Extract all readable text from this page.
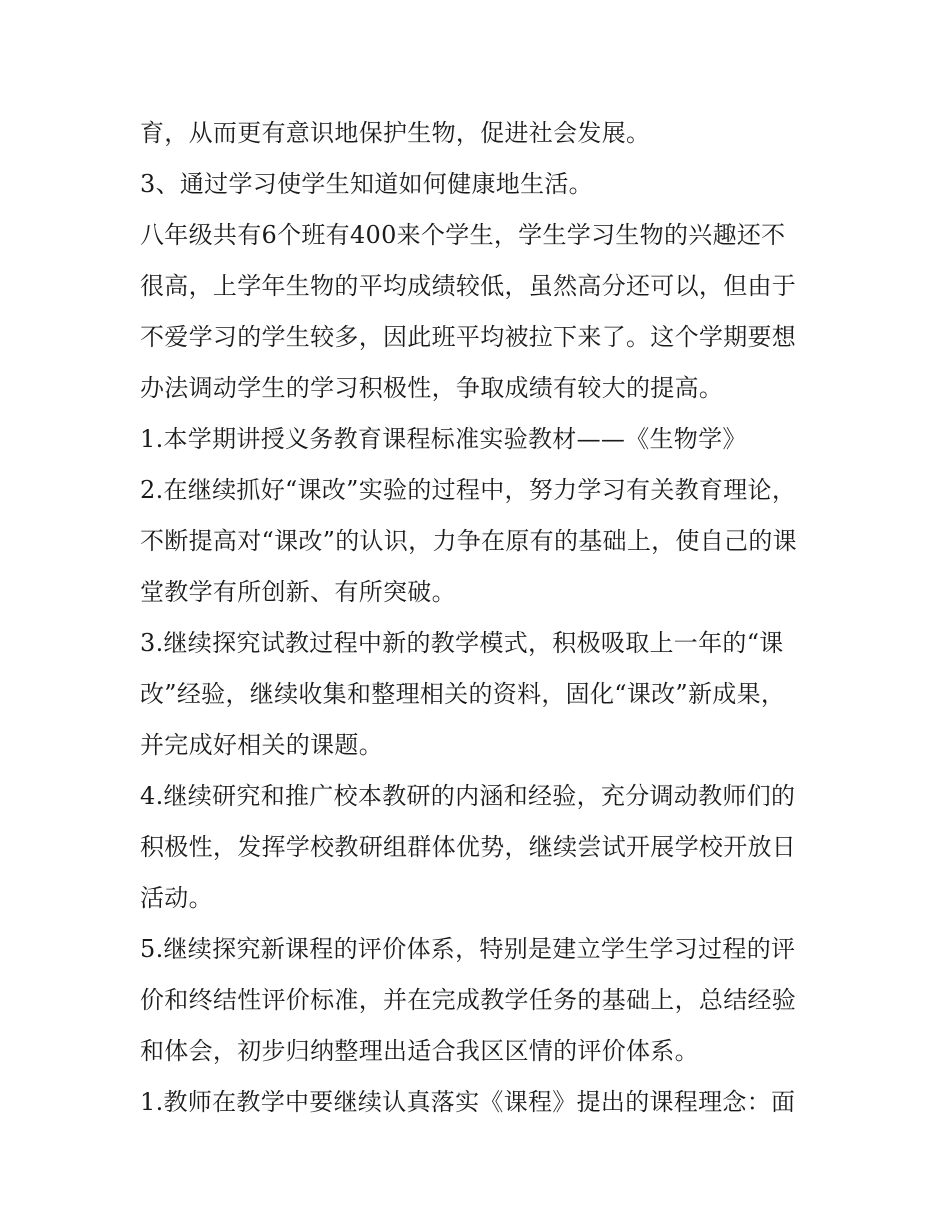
育，从而更有意识地保护生物，促进社会发展。
3、通过学习使学生知道如何健康地生活。
八年级共有6个班有400来个学生，学生学习生物的兴趣还不
很高，上学年生物的平均成绩较低，虽然高分还可以，但由于
不爱学习的学生较多，因此班平均被拉下来了。这个学期要想
办法调动学生的学习积极性，争取成绩有较大的提高。
1.本学期讲授义务教育课程标准实验教材——《生物学》
2.在继续抓好“课改”实验的过程中，努力学习有关教育理论，
不断提高对“课改”的认识，力争在原有的基础上，使自己的课
堂教学有所创新、有所突破。
3.继续探究试教过程中新的教学模式，积极吸取上一年的“课
改”经验，继续收集和整理相关的资料，固化“课改”新成果，
并完成好相关的课题。
4.继续研究和推广校本教研的内涵和经验，充分调动教师们的
积极性，发挥学校教研组群体优势，继续尝试开展学校开放日
活动。
5.继续探究新课程的评价体系，特别是建立学生学习过程的评
价和终结性评价标准，并在完成教学任务的基础上，总结经验
和体会，初步归纳整理出适合我区区情的评价体系。
1.教师在教学中要继续认真落实《课程》提出的课程理念：面
